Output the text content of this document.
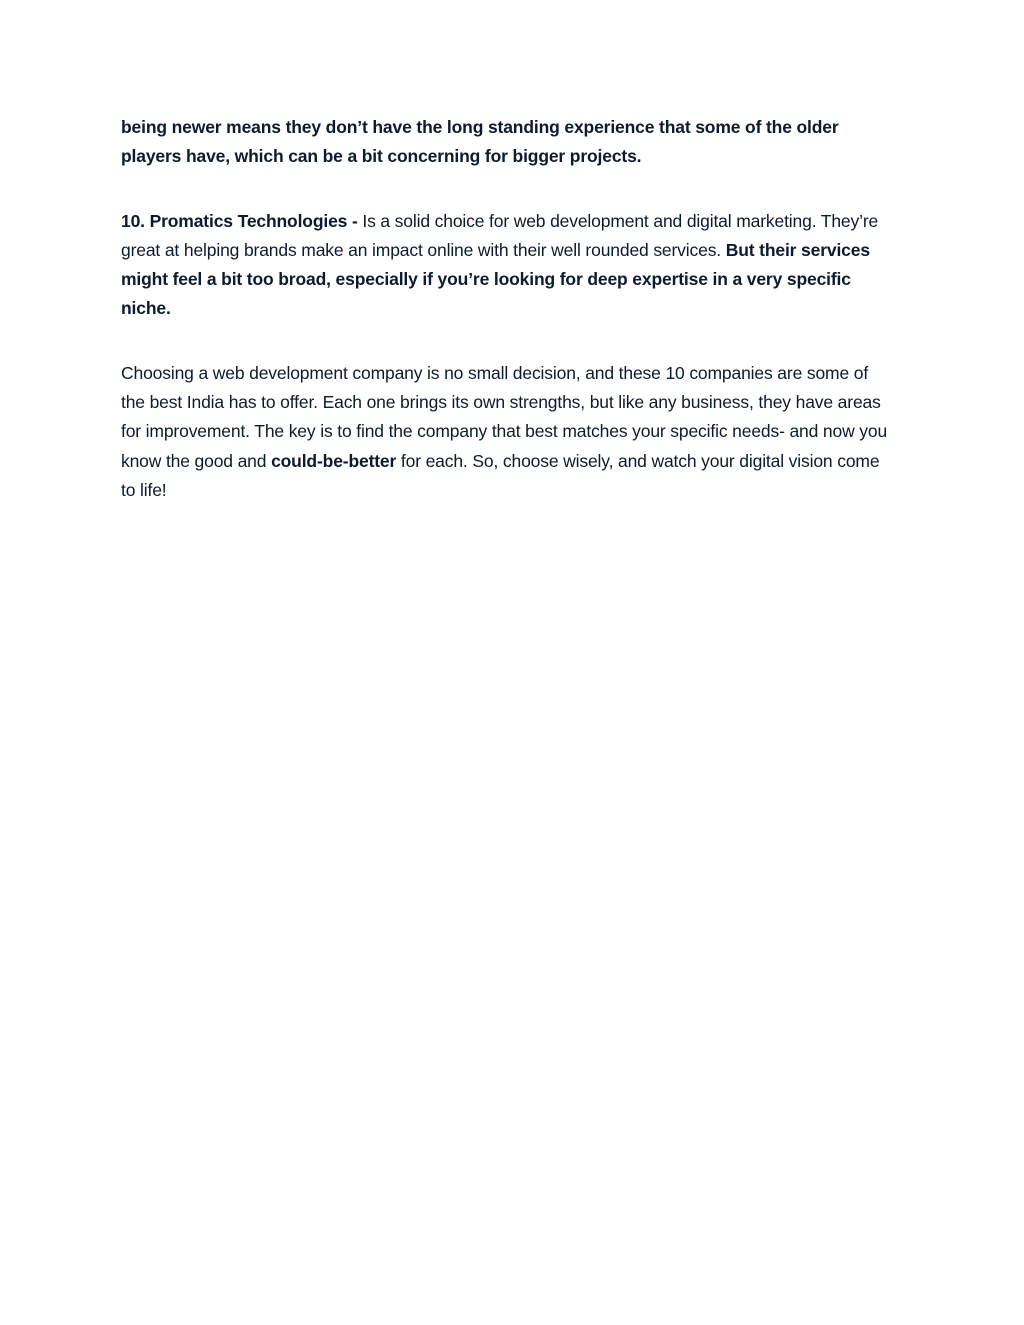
being newer means they don’t have the long standing experience that some of the older players have, which can be a bit concerning for bigger projects.

10. Promatics Technologies - Is a solid choice for web development and digital marketing. They’re great at helping brands make an impact online with their well rounded services. But their services might feel a bit too broad, especially if you’re looking for deep expertise in a very specific niche.

Choosing a web development company is no small decision, and these 10 companies are some of the best India has to offer. Each one brings its own strengths, but like any business, they have areas for improvement. The key is to find the company that best matches your specific needs- and now you know the good and could-be-better for each. So, choose wisely, and watch your digital vision come to life!
